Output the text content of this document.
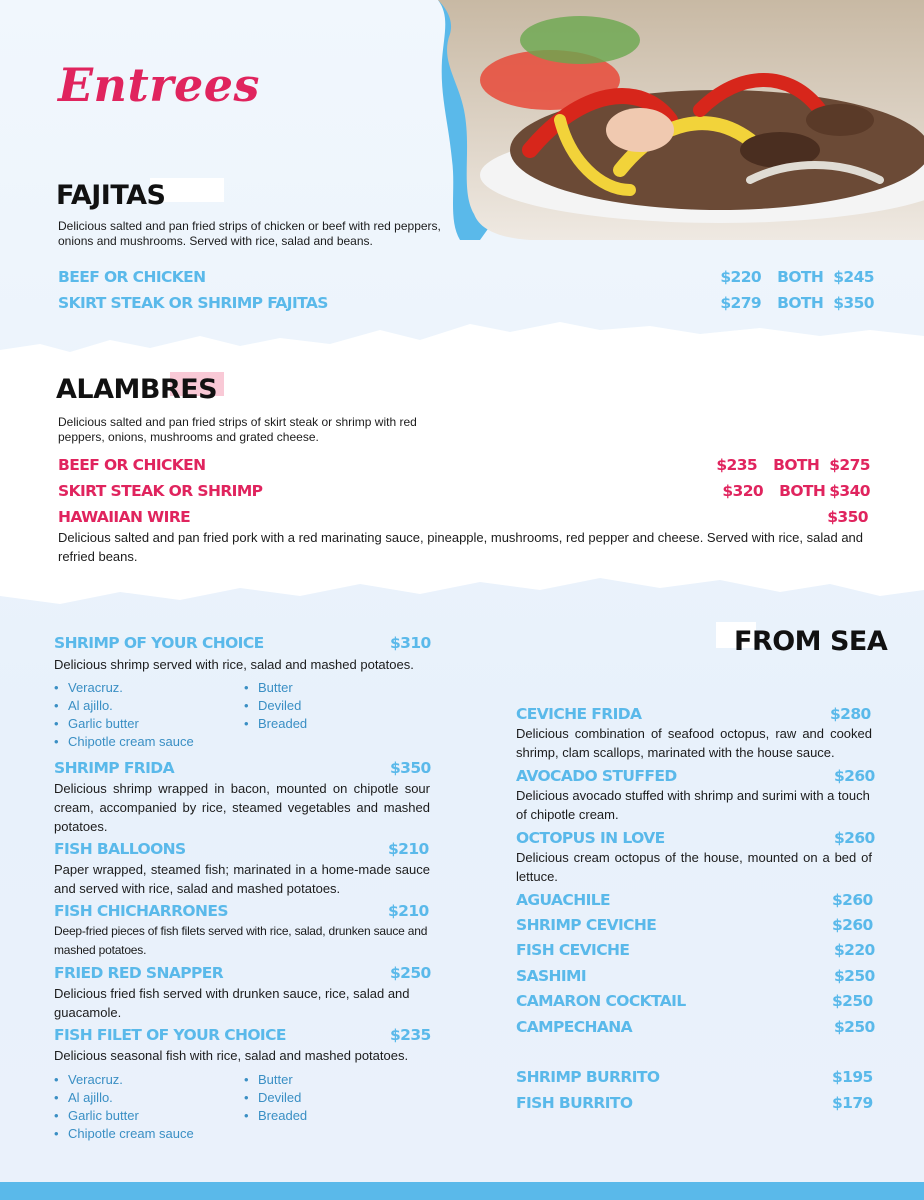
Entrees
FAJITAS
Delicious salted and pan fried strips of chicken or beef with red peppers, onions and mushrooms. Served with rice, salad and beans.
BEEF OR CHICKEN	$220 BOTH $245
SKIRT STEAK OR SHRIMP FAJITAS	$279 BOTH $350
ALAMBRES
Delicious salted and pan fried strips of skirt steak or shrimp with red peppers, onions, mushrooms and grated cheese.
BEEF OR CHICKEN	$235 BOTH $275
SKIRT STEAK OR SHRIMP	$320 BOTH $340
HAWAIIAN WIRE	$350
Delicious salted and pan fried pork with a red marinating sauce, pineapple, mushrooms, red pepper and cheese. Served with rice, salad and refried beans.
SHRIMP OF YOUR CHOICE	$310
Delicious shrimp served with rice, salad and mashed potatoes.
• Veracruz.
• Al ajillo.
• Garlic butter
• Chipotle cream sauce
• Butter
• Deviled
• Breaded
SHRIMP FRIDA	$350
Delicious shrimp wrapped in bacon, mounted on chipotle sour cream, accompanied by rice, steamed vegetables and mashed potatoes.
FISH BALLOONS	$210
Paper wrapped, steamed fish; marinated in a home-made sauce and served with rice, salad and mashed potatoes.
FISH CHICHARRONES	$210
Deep-fried pieces of fish filets served with rice, salad, drunken sauce and mashed potatoes.
FRIED RED SNAPPER	$250
Delicious fried fish served with drunken sauce, rice, salad and guacamole.
FISH FILET OF YOUR CHOICE	$235
Delicious seasonal fish with rice, salad and mashed potatoes.
• Veracruz.
• Al ajillo.
• Garlic butter
• Chipotle cream sauce
• Butter
• Deviled
• Breaded
FROM SEA
CEVICHE FRIDA	$280
Delicious combination of seafood octopus, raw and cooked shrimp, clam scallops, marinated with the house sauce.
AVOCADO STUFFED	$260
Delicious avocado stuffed with shrimp and surimi with a touch of chipotle cream.
OCTOPUS IN LOVE	$260
Delicious cream octopus of the house, mounted on a bed of lettuce.
AGUACHILE	$260
SHRIMP CEVICHE	$260
FISH CEVICHE	$220
SASHIMI	$250
CAMARON COCKTAIL	$250
CAMPECHANA	$250
SHRIMP BURRITO	$195
FISH BURRITO	$179
